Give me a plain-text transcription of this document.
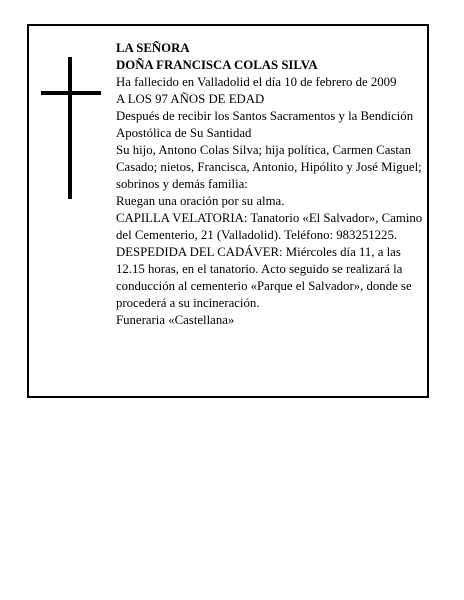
LA SEÑORA
DOÑA FRANCISCA COLAS SILVA
Ha fallecido en Valladolid el día 10 de febrero de 2009
A LOS 97 AÑOS DE EDAD
Después de recibir los Santos Sacramentos y la Bendición Apostólica de Su Santidad
Su hijo, Antono Colas Silva; hija política, Carmen Castan Casado; nietos, Francisca, Antonio, Hipólito y José Miguel; sobrinos y demás familia:
Ruegan una oración por su alma.
CAPILLA VELATORIA: Tanatorio «El Salvador», Camino del Cementerio, 21 (Valladolid). Teléfono: 983251225.
DESPEDIDA DEL CADÁVER: Miércoles día 11, a las 12.15 horas, en el tanatorio. Acto seguido se realizará la conducción al cementerio «Parque el Salvador», donde se procederá a su incineración.
Funeraria «Castellana»
